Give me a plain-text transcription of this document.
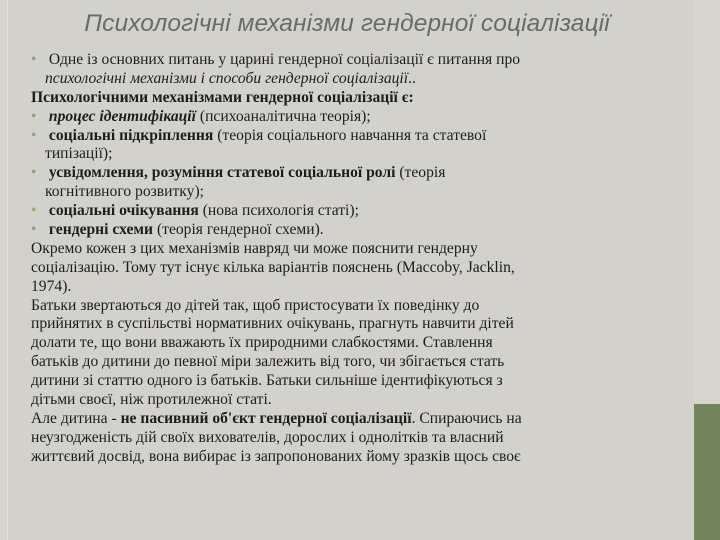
Психологічні механізми гендерної соціалізації
• Одне із основних питань у царині гендерної соціалізації є питання про
психологічні механізми і способи гендерної соціалізації..
Психологічними механізмами гендерної соціалізації є:
• процес ідентифікації (психоаналітична теорія);
• соціальні підкріплення (теорія соціального навчання та статевої
типізації);
• усвідомлення, розуміння статевої соціальної ролі (теорія
когнітивного розвитку);
• соціальні очікування (нова психологія статі);
• гендерні схеми (теорія гендерної схеми).
Окремо кожен з цих механізмів навряд чи може пояснити гендерну
соціалізацію. Тому тут існує кілька варіантів пояснень (Maccoby, Jacklin,
1974).
Батьки звертаються до дітей так, щоб пристосувати їх поведінку до
прийнятих в суспільстві нормативних очікувань, прагнуть навчити дітей
долати те, що вони вважають їх природними слабкостями. Ставлення
батьків до дитини до певної міри залежить від того, чи збігається стать
дитини зі статтю одного із батьків. Батьки сильніше ідентифікуються з
дітьми своєї, ніж протилежної статі.
Але дитина - не пасивний об'єкт гендерної соціалізації. Спираючись на
неузгодженість дій своїх вихователів, дорослих і однолітків та власний
життєвий досвід, вона вибирає із запропонованих йому зразків щось своє
